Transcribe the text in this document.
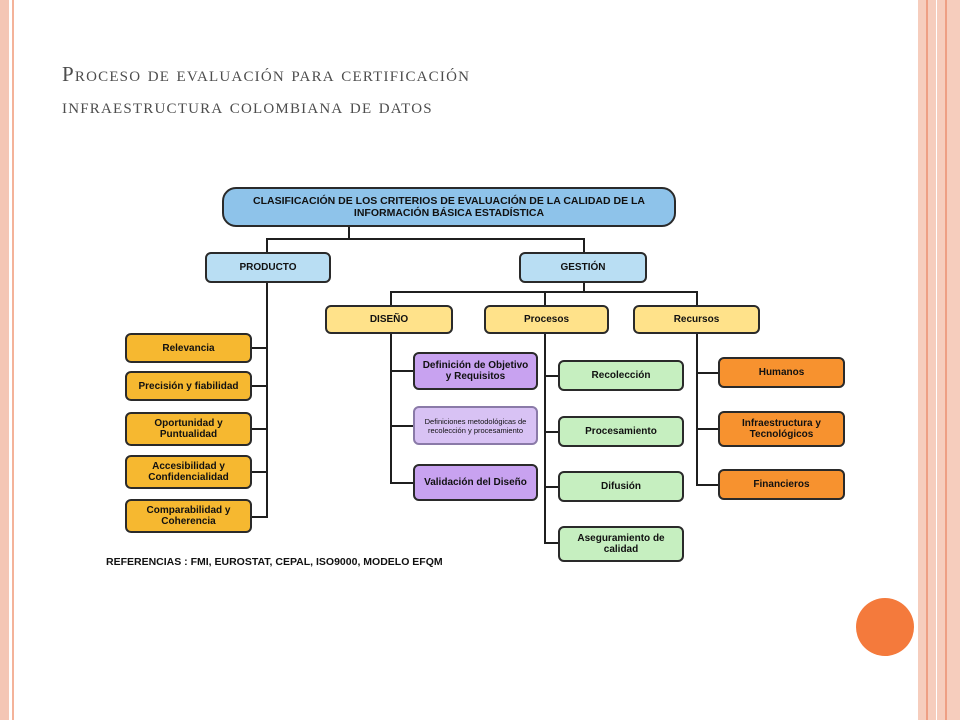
Proceso de evaluación para certificación
infraestructura colombiana de datos
CLASIFICACIÓN DE LOS CRITERIOS DE EVALUACIÓN DE LA CALIDAD DE LA INFORMACIÓN BÁSICA ESTADÍSTICA
PRODUCTO	GESTIÓN
Relevancia
Precisión y fiabilidad
Oportunidad y Puntualidad
Accesibilidad y Confidencialidad
Comparabilidad y Coherencia
DISEÑO	Procesos	Recursos
Definición de Objetivo y Requisitos
Definiciones metodológicas de recolección y procesamiento
Validación del Diseño
Recolección
Procesamiento
Difusión
Aseguramiento de calidad
Humanos
Infraestructura y Tecnológicos
Financieros
REFERENCIAS : FMI, EUROSTAT, CEPAL, ISO9000, MODELO EFQM
